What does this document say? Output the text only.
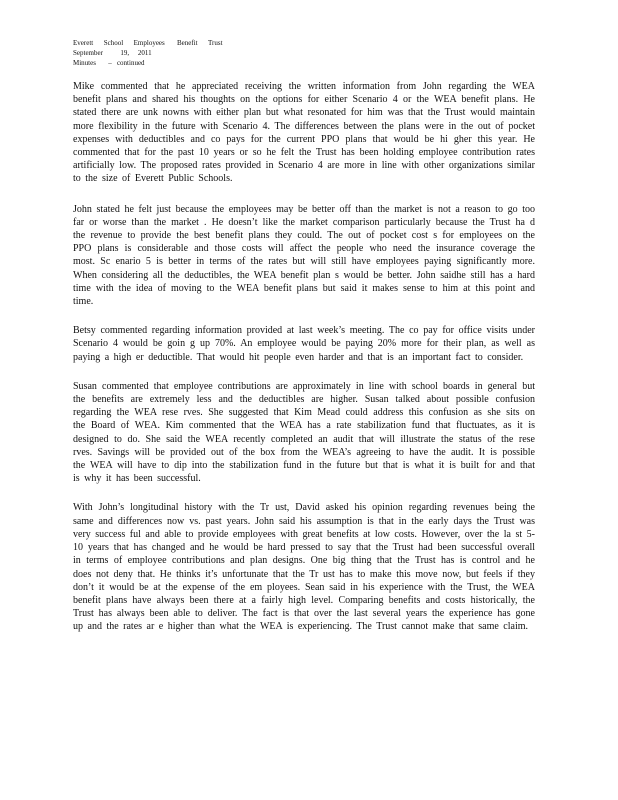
Everett      School      Employees       Benefit      Trust
September          19,     2011
Minutes       –   continued

Mike commented that he appreciated receiving the written information from John regarding the WEA benefit plans and shared his thoughts on the options for either Scenario 4 or the WEA benefit plans. He stated there are unk nowns with either plan but what resonated for him was that the Trust would maintain more flexibility in the future with Scenario 4. The differences between the plans were in the out of pocket expenses with deductibles and co pays for the current PPO plans that would be hi gher this year. He commented that for the past 10 years or so he felt the Trust has been holding employee contribution rates artificially low. The proposed rates provided in Scenario 4 are more in line with other organizations similar to the size of Everett Public Schools.

John stated he felt just because the employees may be better off than the market is not a reason to go too far or worse than the market . He doesn’t like the market comparison particularly because the Trust ha d the revenue to provide the best benefit plans they could. The out of pocket cost s for employees on the PPO plans is considerable and those costs will affect the people who need the insurance coverage the most. Sc enario 5 is better in terms of the rates but will still have employees paying significantly more. When considering all the deductibles, the WEA benefit plan s would be better. John saidhe still has a hard time with the idea of moving to the WEA benefit plans but said it makes sense to him at this point and time.

Betsy commented regarding information provided at last week’s meeting. The co pay for office visits under Scenario 4 would be goin g up 70%. An employee would be paying 20% more for their plan, as well as paying a high er deductible. That would hit people even harder and that is an important fact to consider.

Susan commented that employee contributions are approximately in line with school boards in general but the benefits are extremely less and the deductibles are higher. Susan talked about possible confusion regarding the WEA rese rves. She suggested that Kim Mead could address this confusion as she sits on the Board of WEA. Kim commented that the WEA has a rate stabilization fund that fluctuates, as it is designed to do. She said the WEA recently completed an audit that will illustrate the status of the rese rves. Savings will be provided out of the box from the WEA’s agreeing to have the audit. It is possible the WEA will have to dip into the stabilization fund in the future but that is what it is built for and that is why it has been successful.

With John’s longitudinal history with the Tr ust, David asked his opinion regarding revenues being the same and differences now vs. past years. John said his assumption is that in the early days the Trust was very success ful and able to provide employees with great benefits at low costs. However, over the la st 5-10 years that has changed and he would be hard pressed to say that the Trust had been successful overall in terms of employee contributions and plan designs. One big thing that the Trust has is control and he does not deny that. He thinks it’s unfortunate that the Tr ust has to make this move now, but feels if they don’t it would be at the expense of the em ployees. Sean said in his experience with the Trust, the WEA benefit plans have always been there at a fairly high level. Comparing benefits and costs historically, the Trust has always been able to deliver. The fact is that over the last several years the experience has gone up and the rates ar e higher than what the WEA is experiencing. The Trust cannot make that same claim.
